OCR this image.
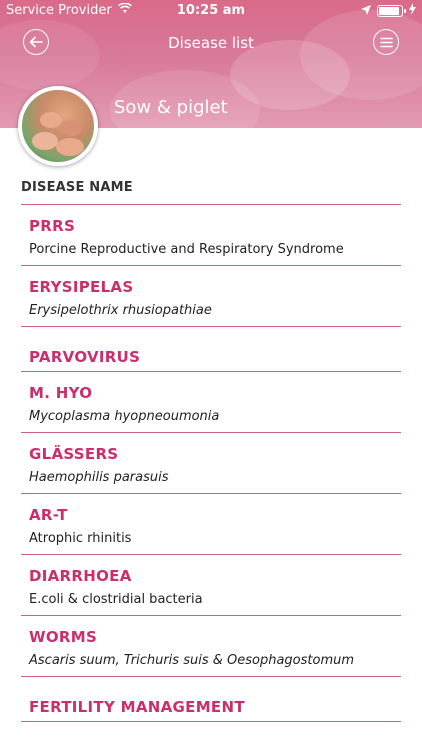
Service Provider	10:25 am
Disease list
Sow & piglet
DISEASE NAME
PRRS
Porcine Reproductive and Respiratory Syndrome
ERYSIPELAS
Erysipelothrix rhusiopathiae
PARVOVIRUS
M. HYO
Mycoplasma hyopneoumonia
GLÄSSERS
Haemophilis parasuis
AR-T
Atrophic rhinitis
DIARRHOEA
E.coli & clostridial bacteria
WORMS
Ascaris suum, Trichuris suis & Oesophagostomum
FERTILITY MANAGEMENT
